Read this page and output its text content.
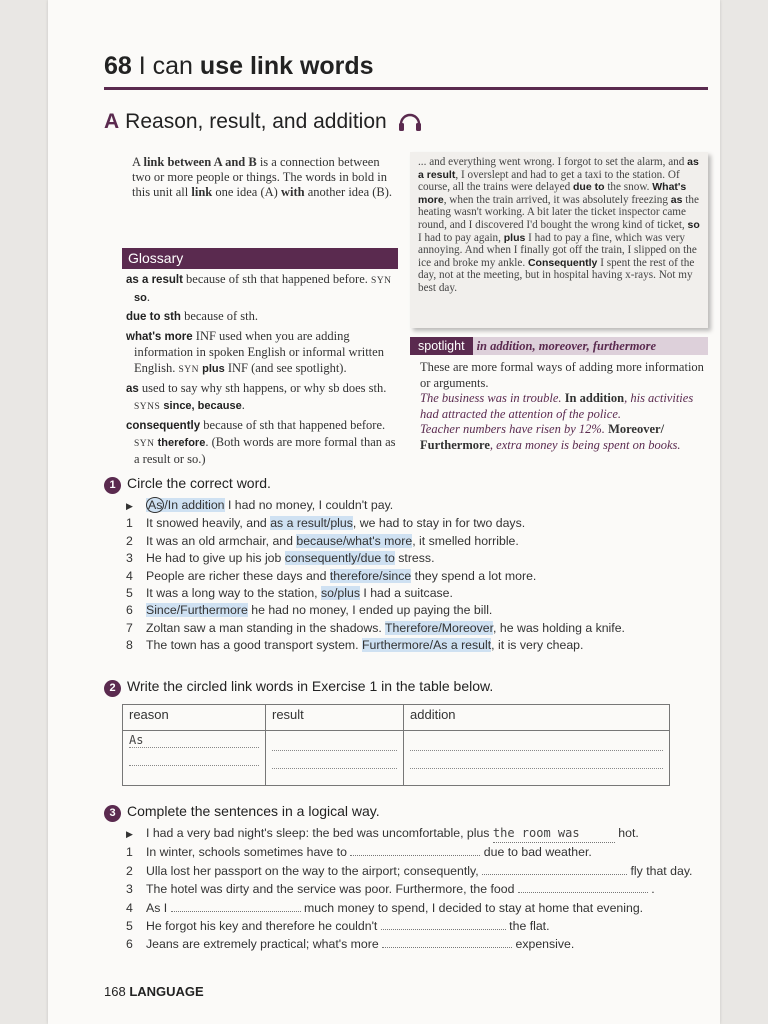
68 I can use link words
A Reason, result, and addition
A link between A and B is a connection between two or more people or things. The words in bold in this unit all link one idea (A) with another idea (B).
Glossary
as a result because of sth that happened before. SYN so.
due to sth because of sth.
what's more INF used when you are adding information in spoken English or informal written English. SYN plus INF (and see spotlight).
as used to say why sth happens, or why sb does sth. SYNS since, because.
consequently because of sth that happened before. SYN therefore. (Both words are more formal than as a result or so.)
... and everything went wrong. I forgot to set the alarm, and as a result, I overslept and had to get a taxi to the station. Of course, all the trains were delayed due to the snow. What's more, when the train arrived, it was absolutely freezing as the heating wasn't working. A bit later the ticket inspector came round, and I discovered I'd bought the wrong kind of ticket, so I had to pay again, plus I had to pay a fine, which was very annoying. And when I finally got off the train, I slipped on the ice and broke my ankle. Consequently I spent the rest of the day, not at the meeting, but in hospital having x-rays. Not my best day.
spotlight in addition, moreover, furthermore
These are more formal ways of adding more information or arguments.
The business was in trouble. In addition, his activities had attracted the attention of the police.
Teacher numbers have risen by 12%. Moreover/ Furthermore, extra money is being spent on books.
1 Circle the correct word.
▶ As /In addition I had no money, I couldn't pay.
1 It snowed heavily, and as a result/plus, we had to stay in for two days.
2 It was an old armchair, and because/what's more, it smelled horrible.
3 He had to give up his job consequently/due to stress.
4 People are richer these days and therefore/since they spend a lot more.
5 It was a long way to the station, so/plus I had a suitcase.
6 Since/Furthermore he had no money, I ended up paying the bill.
7 Zoltan saw a man standing in the shadows. Therefore/Moreover, he was holding a knife.
8 The town has a good transport system. Furthermore/As a result, it is very cheap.
2 Write the circled link words in Exercise 1 in the table below.
reason	result	addition

As		

3 Complete the sentences in a logical way.
▶ I had a very bad night's sleep: the bed was uncomfortable, plus the room was	hot.
1 In winter, schools sometimes have to	due to bad weather.
2 Ulla lost her passport on the way to the airport; consequently,	fly that day.
3 The hotel was dirty and the service was poor. Furthermore, the food	.
4 As I	much money to spend, I decided to stay at home that evening.
5 He forgot his key and therefore he couldn't	the flat.
6 Jeans are extremely practical; what's more	expensive.
168 LANGUAGE
